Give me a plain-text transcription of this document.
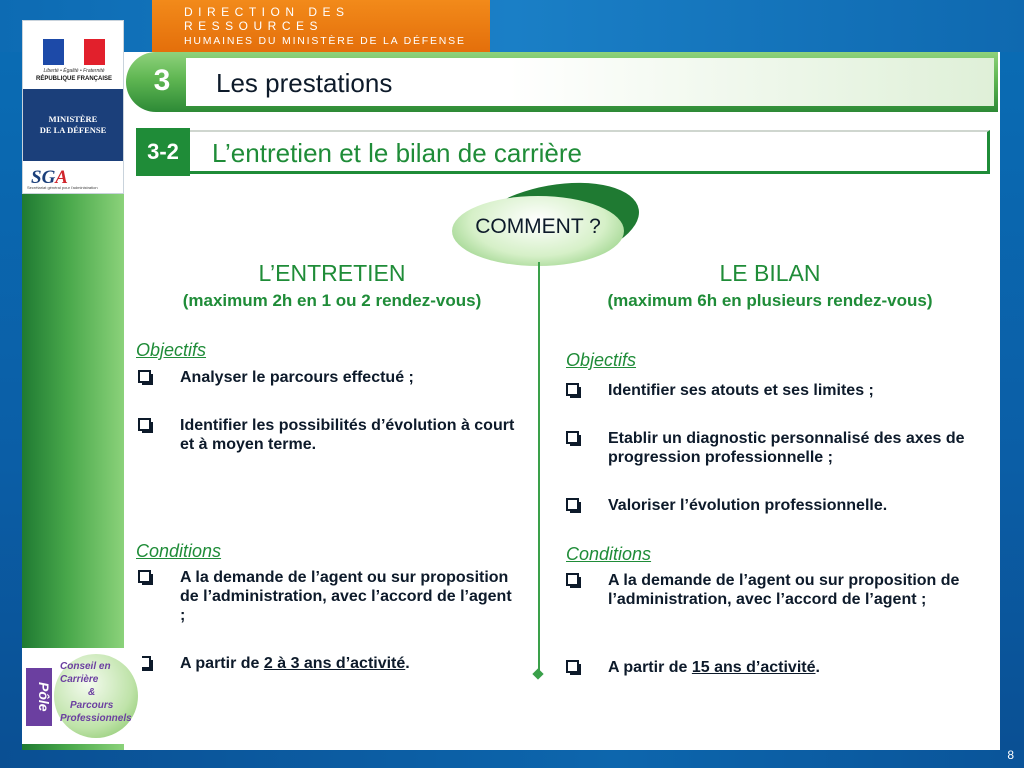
DIRECTION DES RESSOURCES
HUMAINES DU MINISTÈRE DE LA DÉFENSE
Liberté • Égalité • Fraternité
RÉPUBLIQUE FRANÇAISE
MINISTÈRE
DE LA DÉFENSE
SGA
Secrétariat général pour l'administration
3	Les prestations
3-2	L’entretien et le bilan de carrière
COMMENT ?
L’ENTRETIEN
(maximum 2h en 1 ou 2 rendez-vous)
Objectifs
Analyser le parcours effectué ;
Identifier les possibilités d’évolution à court et à moyen terme.
Conditions
A la demande de l’agent ou sur proposition de l’administration, avec l’accord de l’agent ;
A partir de 2 à 3 ans d’activité.
LE BILAN
(maximum 6h en plusieurs rendez-vous)
Objectifs
Identifier ses atouts et ses limites ;
Etablir un diagnostic personnalisé des axes de progression professionnelle ;
Valoriser l’évolution professionnelle.
Conditions
A la demande de l’agent ou sur proposition de l’administration, avec l’accord de l’agent ;
A partir de 15 ans d’activité.
Pôle
Conseil en
Carrière
&
Parcours
Professionnels
8
